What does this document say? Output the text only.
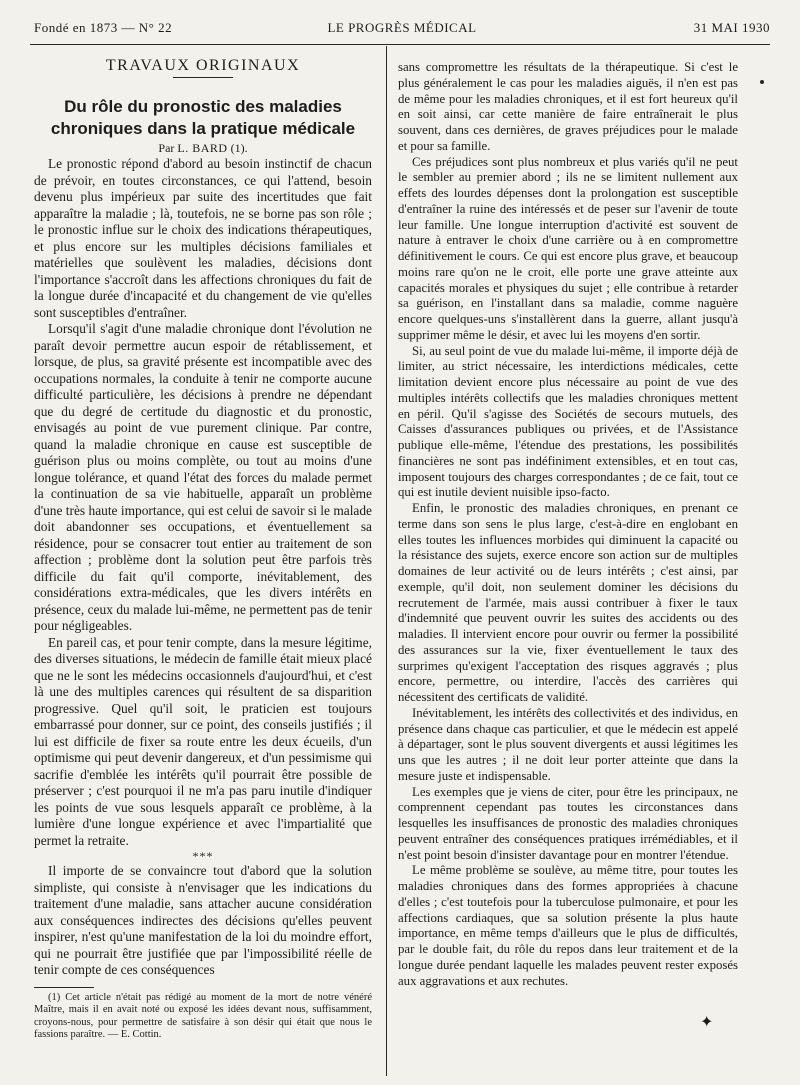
Fondé en 1873 — N° 22	LE PROGRÈS MÉDICAL	31 MAI 1930

TRAVAUX ORIGINAUX

Du rôle du pronostic des maladies chroniques dans la pratique médicale

Par L. BARD (1).

Le pronostic répond d'abord au besoin instinctif de chacun de prévoir, en toutes circonstances, ce qui l'attend, besoin devenu plus impérieux par suite des incertitudes que fait apparaître la maladie ; là, toutefois, ne se borne pas son rôle ; le pronostic influe sur le choix des indications thérapeutiques, et plus encore sur les multiples décisions familiales et matérielles que soulèvent les maladies, décisions dont l'importance s'accroît dans les affections chroniques du fait de la longue durée d'incapacité et du changement de vie qu'elles sont susceptibles d'entraîner.

Lorsqu'il s'agit d'une maladie chronique dont l'évolution ne paraît devoir permettre aucun espoir de rétablissement, et lorsque, de plus, sa gravité présente est incompatible avec des occupations normales, la conduite à tenir ne comporte aucune difficulté particulière, les décisions à prendre ne dépendant que du degré de certitude du diagnostic et du pronostic, envisagés au point de vue purement clinique. Par contre, quand la maladie chronique en cause est susceptible de guérison plus ou moins complète, ou tout au moins d'une longue tolérance, et quand l'état des forces du malade permet la continuation de sa vie habituelle, apparaît un problème d'une très haute importance, qui est celui de savoir si le malade doit abandonner ses occupations, et éventuellement sa résidence, pour se consacrer tout entier au traitement de son affection ; problème dont la solution peut être parfois très difficile du fait qu'il comporte, inévitablement, des considérations extra-médicales, que les divers intérêts en présence, ceux du malade lui-même, ne permettent pas de tenir pour négligeables.

En pareil cas, et pour tenir compte, dans la mesure légitime, des diverses situations, le médecin de famille était mieux placé que ne le sont les médecins occasionnels d'aujourd'hui, et c'est là une des multiples carences qui résultent de sa disparition progressive. Quel qu'il soit, le praticien est toujours embarrassé pour donner, sur ce point, des conseils justifiés ; il lui est difficile de fixer sa route entre les deux écueils, d'un optimisme qui peut devenir dangereux, et d'un pessimisme qui sacrifie d'emblée les intérêts qu'il pourrait être possible de préserver ; c'est pourquoi il ne m'a pas paru inutile d'indiquer les points de vue sous lesquels apparaît ce problème, à la lumière d'une longue expérience et avec l'impartialité que permet la retraite.

***

Il importe de se convaincre tout d'abord que la solution simpliste, qui consiste à n'envisager que les indications du traitement d'une maladie, sans attacher aucune considération aux conséquences indirectes des décisions qu'elles peuvent inspirer, n'est qu'une manifestation de la loi du moindre effort, qui ne pourrait être justifiée que par l'impossibilité réelle de tenir compte de ces conséquences

(1) Cet article n'était pas rédigé au moment de la mort de notre vénéré Maître, mais il en avait noté ou exposé les idées devant nous, suffisamment, croyons-nous, pour permettre de satisfaire à son désir qui était que nous le fassions paraître. — E. Cottin.

sans compromettre les résultats de la thérapeutique. Si c'est le plus généralement le cas pour les maladies aiguës, il n'en est pas de même pour les maladies chroniques, et il est fort heureux qu'il en soit ainsi, car cette manière de faire entraînerait le plus souvent, dans ces dernières, de graves préjudices pour le malade et pour sa famille.

Ces préjudices sont plus nombreux et plus variés qu'il ne peut le sembler au premier abord ; ils ne se limitent nullement aux effets des lourdes dépenses dont la prolongation est susceptible d'entraîner la ruine des intéressés et de peser sur l'avenir de toute leur famille. Une longue interruption d'activité est souvent de nature à entraver le choix d'une carrière ou à en compromettre définitivement le cours. Ce qui est encore plus grave, et beaucoup moins rare qu'on ne le croit, elle porte une grave atteinte aux capacités morales et physiques du sujet ; elle contribue à retarder sa guérison, en l'installant dans sa maladie, comme naguère encore quelques-uns s'installèrent dans la guerre, allant jusqu'à supprimer même le désir, et avec lui les moyens d'en sortir.

Si, au seul point de vue du malade lui-même, il importe déjà de limiter, au strict nécessaire, les interdictions médicales, cette limitation devient encore plus nécessaire au point de vue des multiples intérêts collectifs que les maladies chroniques mettent en péril. Qu'il s'agisse des Sociétés de secours mutuels, des Caisses d'assurances publiques ou privées, et de l'Assistance publique elle-même, l'étendue des prestations, les possibilités financières ne sont pas indéfiniment extensibles, et en tout cas, imposent toujours des charges correspondantes ; de ce fait, tout ce qui est inutile devient nuisible ipso-facto.

Enfin, le pronostic des maladies chroniques, en prenant ce terme dans son sens le plus large, c'est-à-dire en englobant en elles toutes les influences morbides qui diminuent la capacité ou la résistance des sujets, exerce encore son action sur de multiples domaines de leur activité ou de leurs intérêts ; c'est ainsi, par exemple, qu'il doit, non seulement dominer les décisions du recrutement de l'armée, mais aussi contribuer à fixer le taux d'indemnité que peuvent ouvrir les suites des accidents ou des maladies. Il intervient encore pour ouvrir ou fermer la possibilité des assurances sur la vie, fixer éventuellement le taux des surprimes qu'exigent l'acceptation des risques aggravés ; plus encore, permettre, ou interdire, l'accès des carrières qui nécessitent des certificats de validité.

Inévitablement, les intérêts des collectivités et des individus, en présence dans chaque cas particulier, et que le médecin est appelé à départager, sont le plus souvent divergents et aussi légitimes les uns que les autres ; il ne doit leur porter atteinte que dans la mesure juste et indispensable.

Les exemples que je viens de citer, pour être les principaux, ne comprennent cependant pas toutes les circonstances dans lesquelles les insuffisances de pronostic des maladies chroniques peuvent entraîner des conséquences pratiques irrémédiables, et il n'est point besoin d'insister davantage pour en montrer l'étendue.

Le même problème se soulève, au même titre, pour toutes les maladies chroniques dans des formes appropriées à chacune d'elles ; c'est toutefois pour la tuberculose pulmonaire, et pour les affections cardiaques, que sa solution présente la plus haute importance, en même temps d'ailleurs que le plus de difficultés, par le double fait, du rôle du repos dans leur traitement et de la longue durée pendant laquelle les malades peuvent rester exposés aux aggravations et aux rechutes.

✦
